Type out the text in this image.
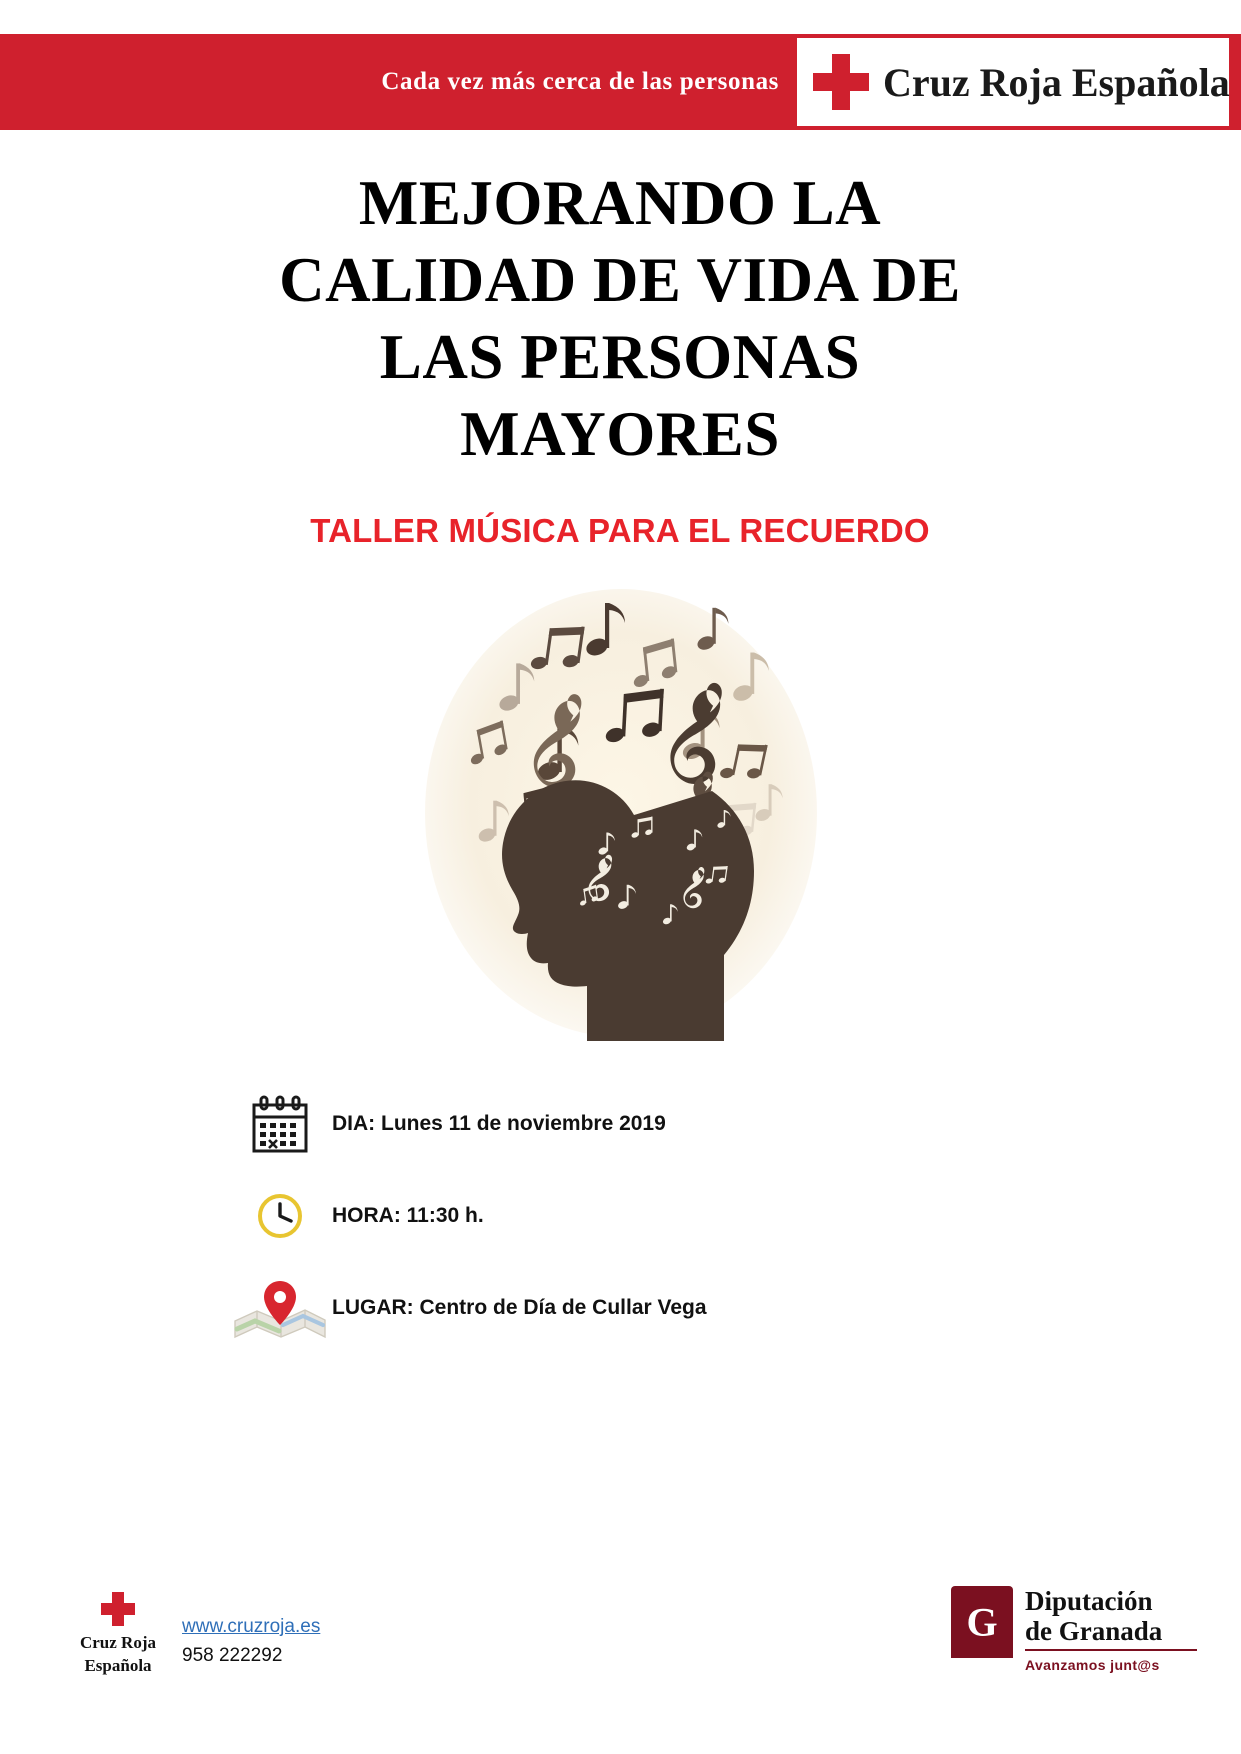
Cada vez más cerca de las personas	Cruz Roja Española
MEJORANDO LA
CALIDAD DE VIDA DE
LAS PERSONAS
MAYORES
TALLER MÚSICA PARA EL RECUERDO
DIA: Lunes 11 de noviembre 2019
HORA: 11:30 h.
LUGAR: Centro de Día de Cullar Vega
Cruz Roja
Española
www.cruzroja.es
958 222292
G	Diputación
de Granada
Avanzamos junt@s
